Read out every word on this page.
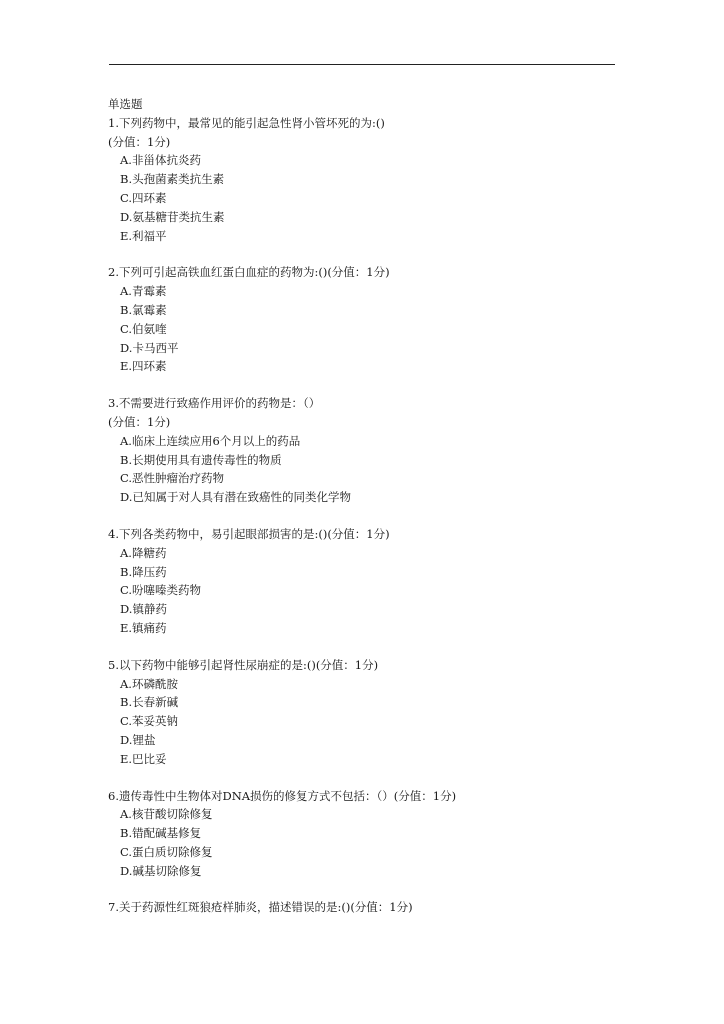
单选题
1.下列药物中，最常见的能引起急性肾小管坏死的为:()
(分值：1分)
A.非甾体抗炎药
B.头孢菌素类抗生素
C.四环素
D.氨基糖苷类抗生素
E.利福平
2.下列可引起高铁血红蛋白血症的药物为:()(分值：1分)
A.青霉素
B.氯霉素
C.伯氨喹
D.卡马西平
E.四环素
3.不需要进行致癌作用评价的药物是：（）
(分值：1分)
A.临床上连续应用6个月以上的药品
B.长期使用具有遗传毒性的物质
C.恶性肿瘤治疗药物
D.已知属于对人具有潜在致癌性的同类化学物
4.下列各类药物中，易引起眼部损害的是:()(分值：1分)
A.降糖药
B.降压药
C.吩噻嗪类药物
D.镇静药
E.镇痛药
5.以下药物中能够引起肾性尿崩症的是:()(分值：1分)
A.环磷酰胺
B.长春新碱
C.苯妥英钠
D.锂盐
E.巴比妥
6.遗传毒性中生物体对DNA损伤的修复方式不包括：（）(分值：1分)
A.核苷酸切除修复
B.错配碱基修复
C.蛋白质切除修复
D.碱基切除修复
7.关于药源性红斑狼疮样肺炎，描述错误的是:()(分值：1分)
